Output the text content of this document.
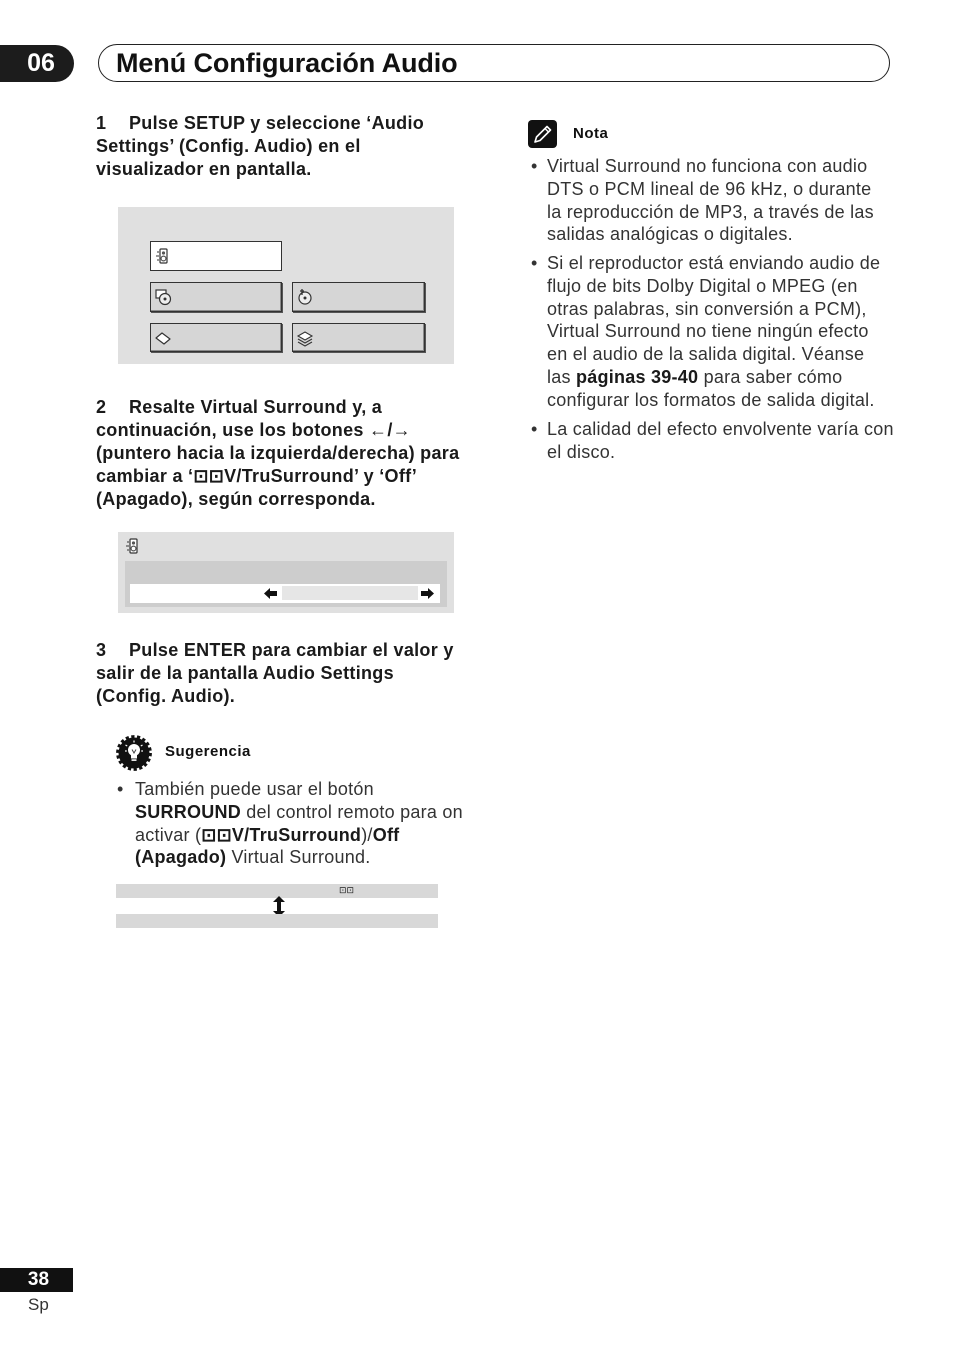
06	Menú Configuración Audio
1 Pulse SETUP y seleccione ‘Audio
Settings’ (Config. Audio) en el
visualizador en pantalla.
2 Resalte Virtual Surround y, a
continuación, use los botones ←/→
(puntero hacia la izquierda/derecha) para
cambiar a ‘⊡⊡V/TruSurround’ y ‘Off’
(Apagado), según corresponda.
3 Pulse ENTER para cambiar el valor y
salir de la pantalla Audio Settings
(Config. Audio).
Sugerencia
• También puede usar el botón
SURROUND del control remoto para on
activar (⊡⊡V/TruSurround)/Off
(Apagado) Virtual Surround.
⊡⊡
Nota
• Virtual Surround no funciona con audio
DTS o PCM lineal de 96 kHz, o durante
la reproducción de MP3, a través de las
salidas analógicas o digitales.
• Si el reproductor está enviando audio de
flujo de bits Dolby Digital o MPEG (en
otras palabras, sin conversión a PCM),
Virtual Surround no tiene ningún efecto
en el audio de la salida digital. Véanse
las páginas 39-40 para saber cómo
configurar los formatos de salida digital.
• La calidad del efecto envolvente varía con
el disco.
38
Sp
